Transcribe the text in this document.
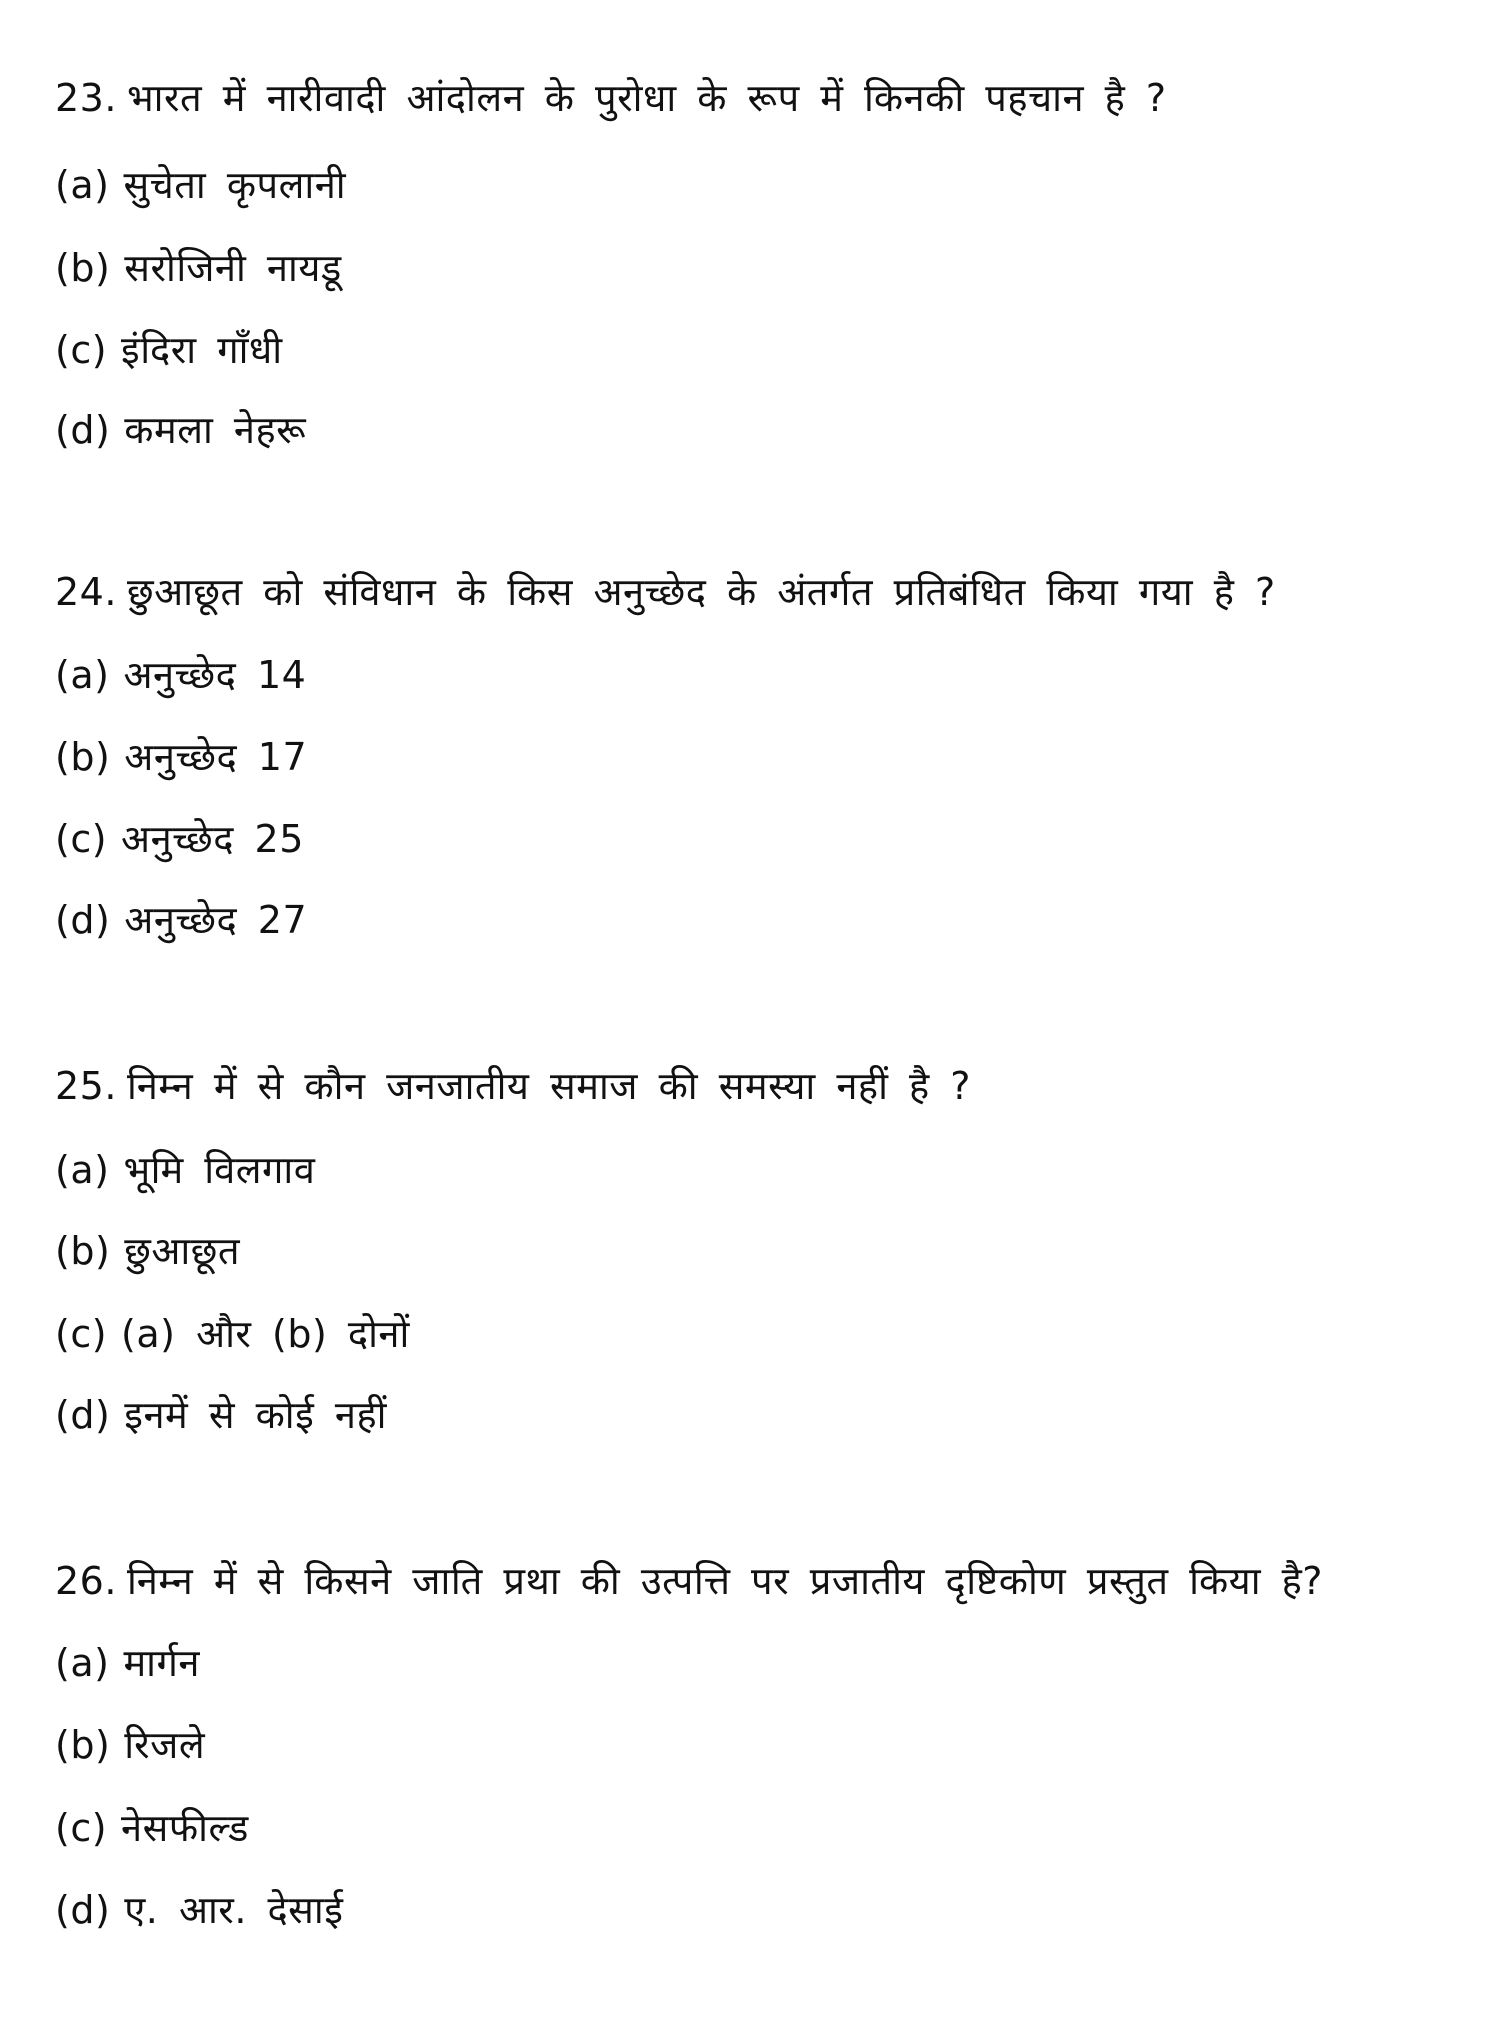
23. भारत में नारीवादी आंदोलन के पुरोधा के रूप में किनकी पहचान है ?
(a) सुचेता कृपलानी
(b) सरोजिनी नायडू
(c) इंदिरा गाँधी
(d) कमला नेहरू
24. छुआछूत को संविधान के किस अनुच्छेद के अंतर्गत प्रतिबंधित किया गया है ?
(a) अनुच्छेद 14
(b) अनुच्छेद 17
(c) अनुच्छेद 25
(d) अनुच्छेद 27
25. निम्न में से कौन जनजातीय समाज की समस्या नहीं है ?
(a) भूमि विलगाव
(b) छुआछूत
(c) (a) और (b) दोनों
(d) इनमें से कोई नहीं
26. निम्न में से किसने जाति प्रथा की उत्पत्ति पर प्रजातीय दृष्टिकोण प्रस्तुत किया है?
(a) मार्गन
(b) रिजले
(c) नेसफील्ड
(d) ए. आर. देसाई
